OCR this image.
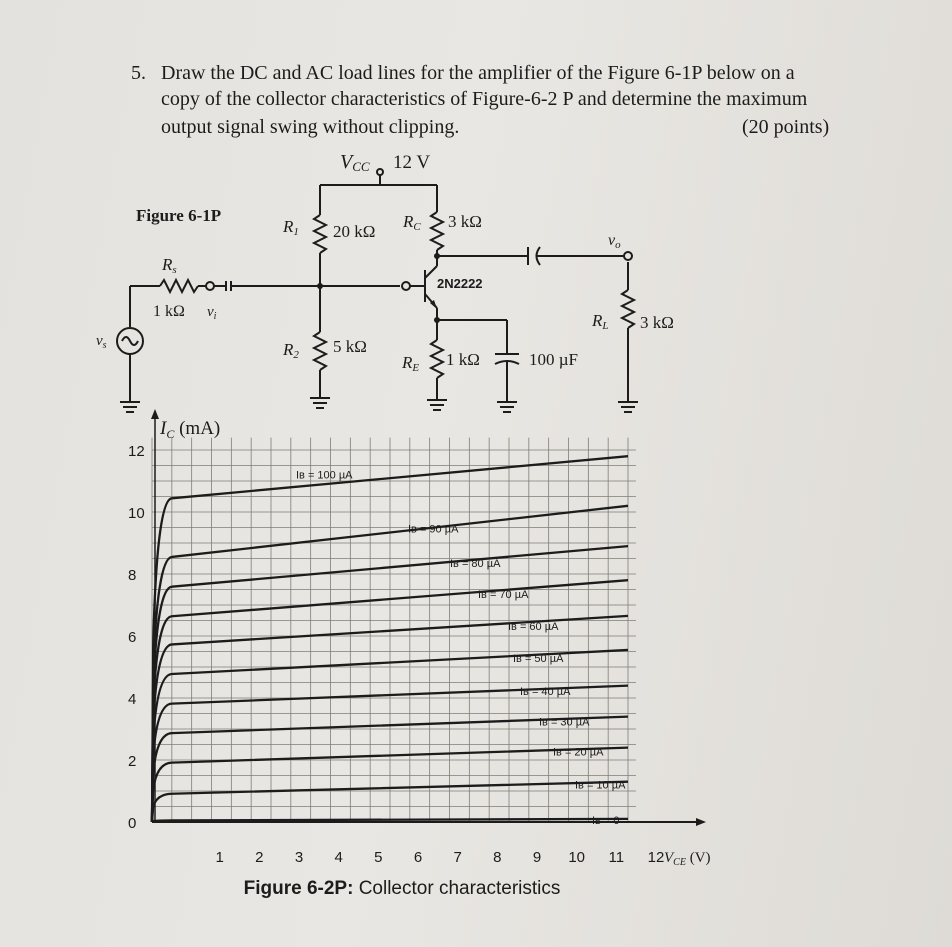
5. Draw the DC and AC load lines for the amplifier of the Figure 6-1P below on a
copy of the collector characteristics of Figure-6-2 P and determine the maximum
output signal swing without clipping.	(20 points)
VCC 12 V
Figure 6-1P
R1 20 kΩ
RC 3 kΩ
2N2222
vo
Rs
1 kΩ $v_i$
$v_s$
RL 3 kΩ
R2 5 kΩ
RE 1 kΩ	100 µF
0
2
4
6
8
10
12
1 2 3 4 5 6 7 8 9 10 11 12
$I_C$ (mA)
$V_{CE}$ (V)
Figure 6-2P: Collector characteristics
Iʙ = 0
Iʙ = 10 µA
Iʙ = 20 µA
Iʙ = 30 µA
Iʙ = 40 µA
Iʙ = 50 µA
Iʙ = 60 µA
Iʙ = 70 µA
Iʙ = 80 µA
Iʙ = 90 µA
Iʙ = 100 µA
